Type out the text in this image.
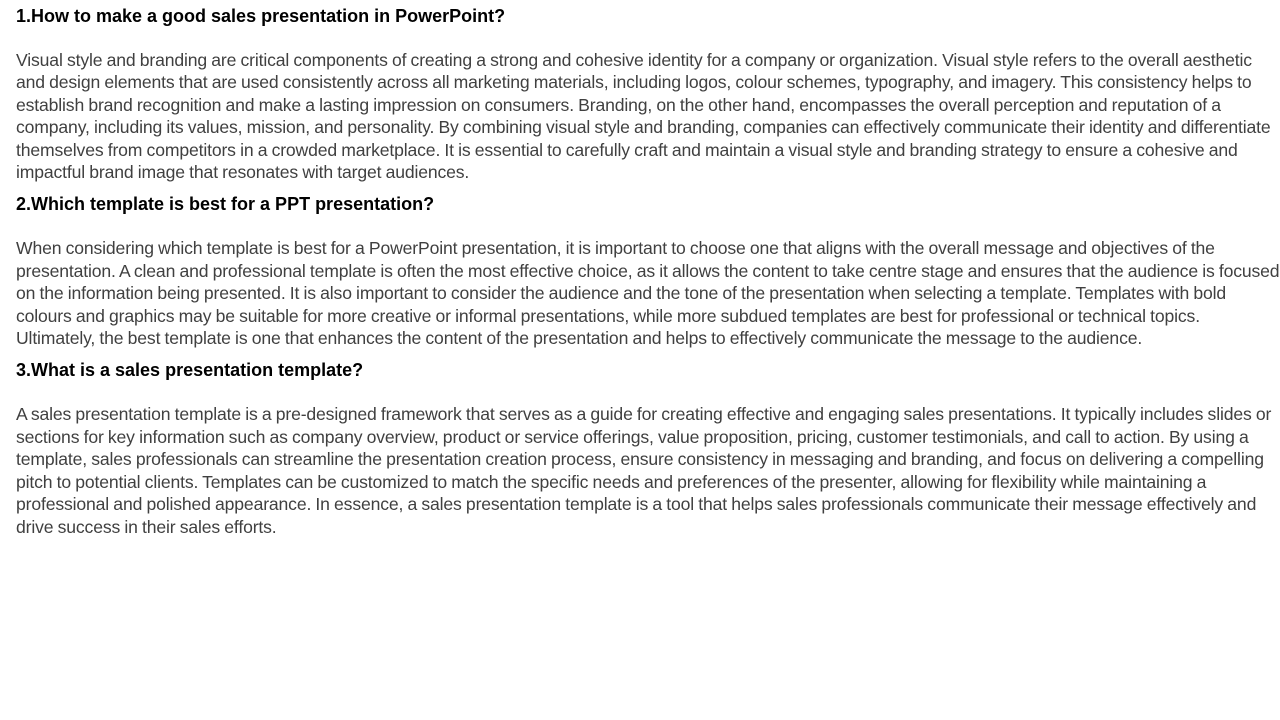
1.How to make a good sales presentation in PowerPoint?

Visual style and branding are critical components of creating a strong and cohesive identity for a company or organization. Visual style refers to the overall aesthetic and design elements that are used consistently across all marketing materials, including logos, colour schemes, typography, and imagery. This consistency helps to establish brand recognition and make a lasting impression on consumers. Branding, on the other hand, encompasses the overall perception and reputation of a company, including its values, mission, and personality. By combining visual style and branding, companies can effectively communicate their identity and differentiate themselves from competitors in a crowded marketplace. It is essential to carefully craft and maintain a visual style and branding strategy to ensure a cohesive and impactful brand image that resonates with target audiences.

2.Which template is best for a PPT presentation?

When considering which template is best for a PowerPoint presentation, it is important to choose one that aligns with the overall message and objectives of the presentation. A clean and professional template is often the most effective choice, as it allows the content to take centre stage and ensures that the audience is focused on the information being presented. It is also important to consider the audience and the tone of the presentation when selecting a template. Templates with bold colours and graphics may be suitable for more creative or informal presentations, while more subdued templates are best for professional or technical topics. Ultimately, the best template is one that enhances the content of the presentation and helps to effectively communicate the message to the audience.

3.What is a sales presentation template?

A sales presentation template is a pre-designed framework that serves as a guide for creating effective and engaging sales presentations. It typically includes slides or sections for key information such as company overview, product or service offerings, value proposition, pricing, customer testimonials, and call to action. By using a template, sales professionals can streamline the presentation creation process, ensure consistency in messaging and branding, and focus on delivering a compelling pitch to potential clients. Templates can be customized to match the specific needs and preferences of the presenter, allowing for flexibility while maintaining a professional and polished appearance. In essence, a sales presentation template is a tool that helps sales professionals communicate their message effectively and drive success in their sales efforts.
